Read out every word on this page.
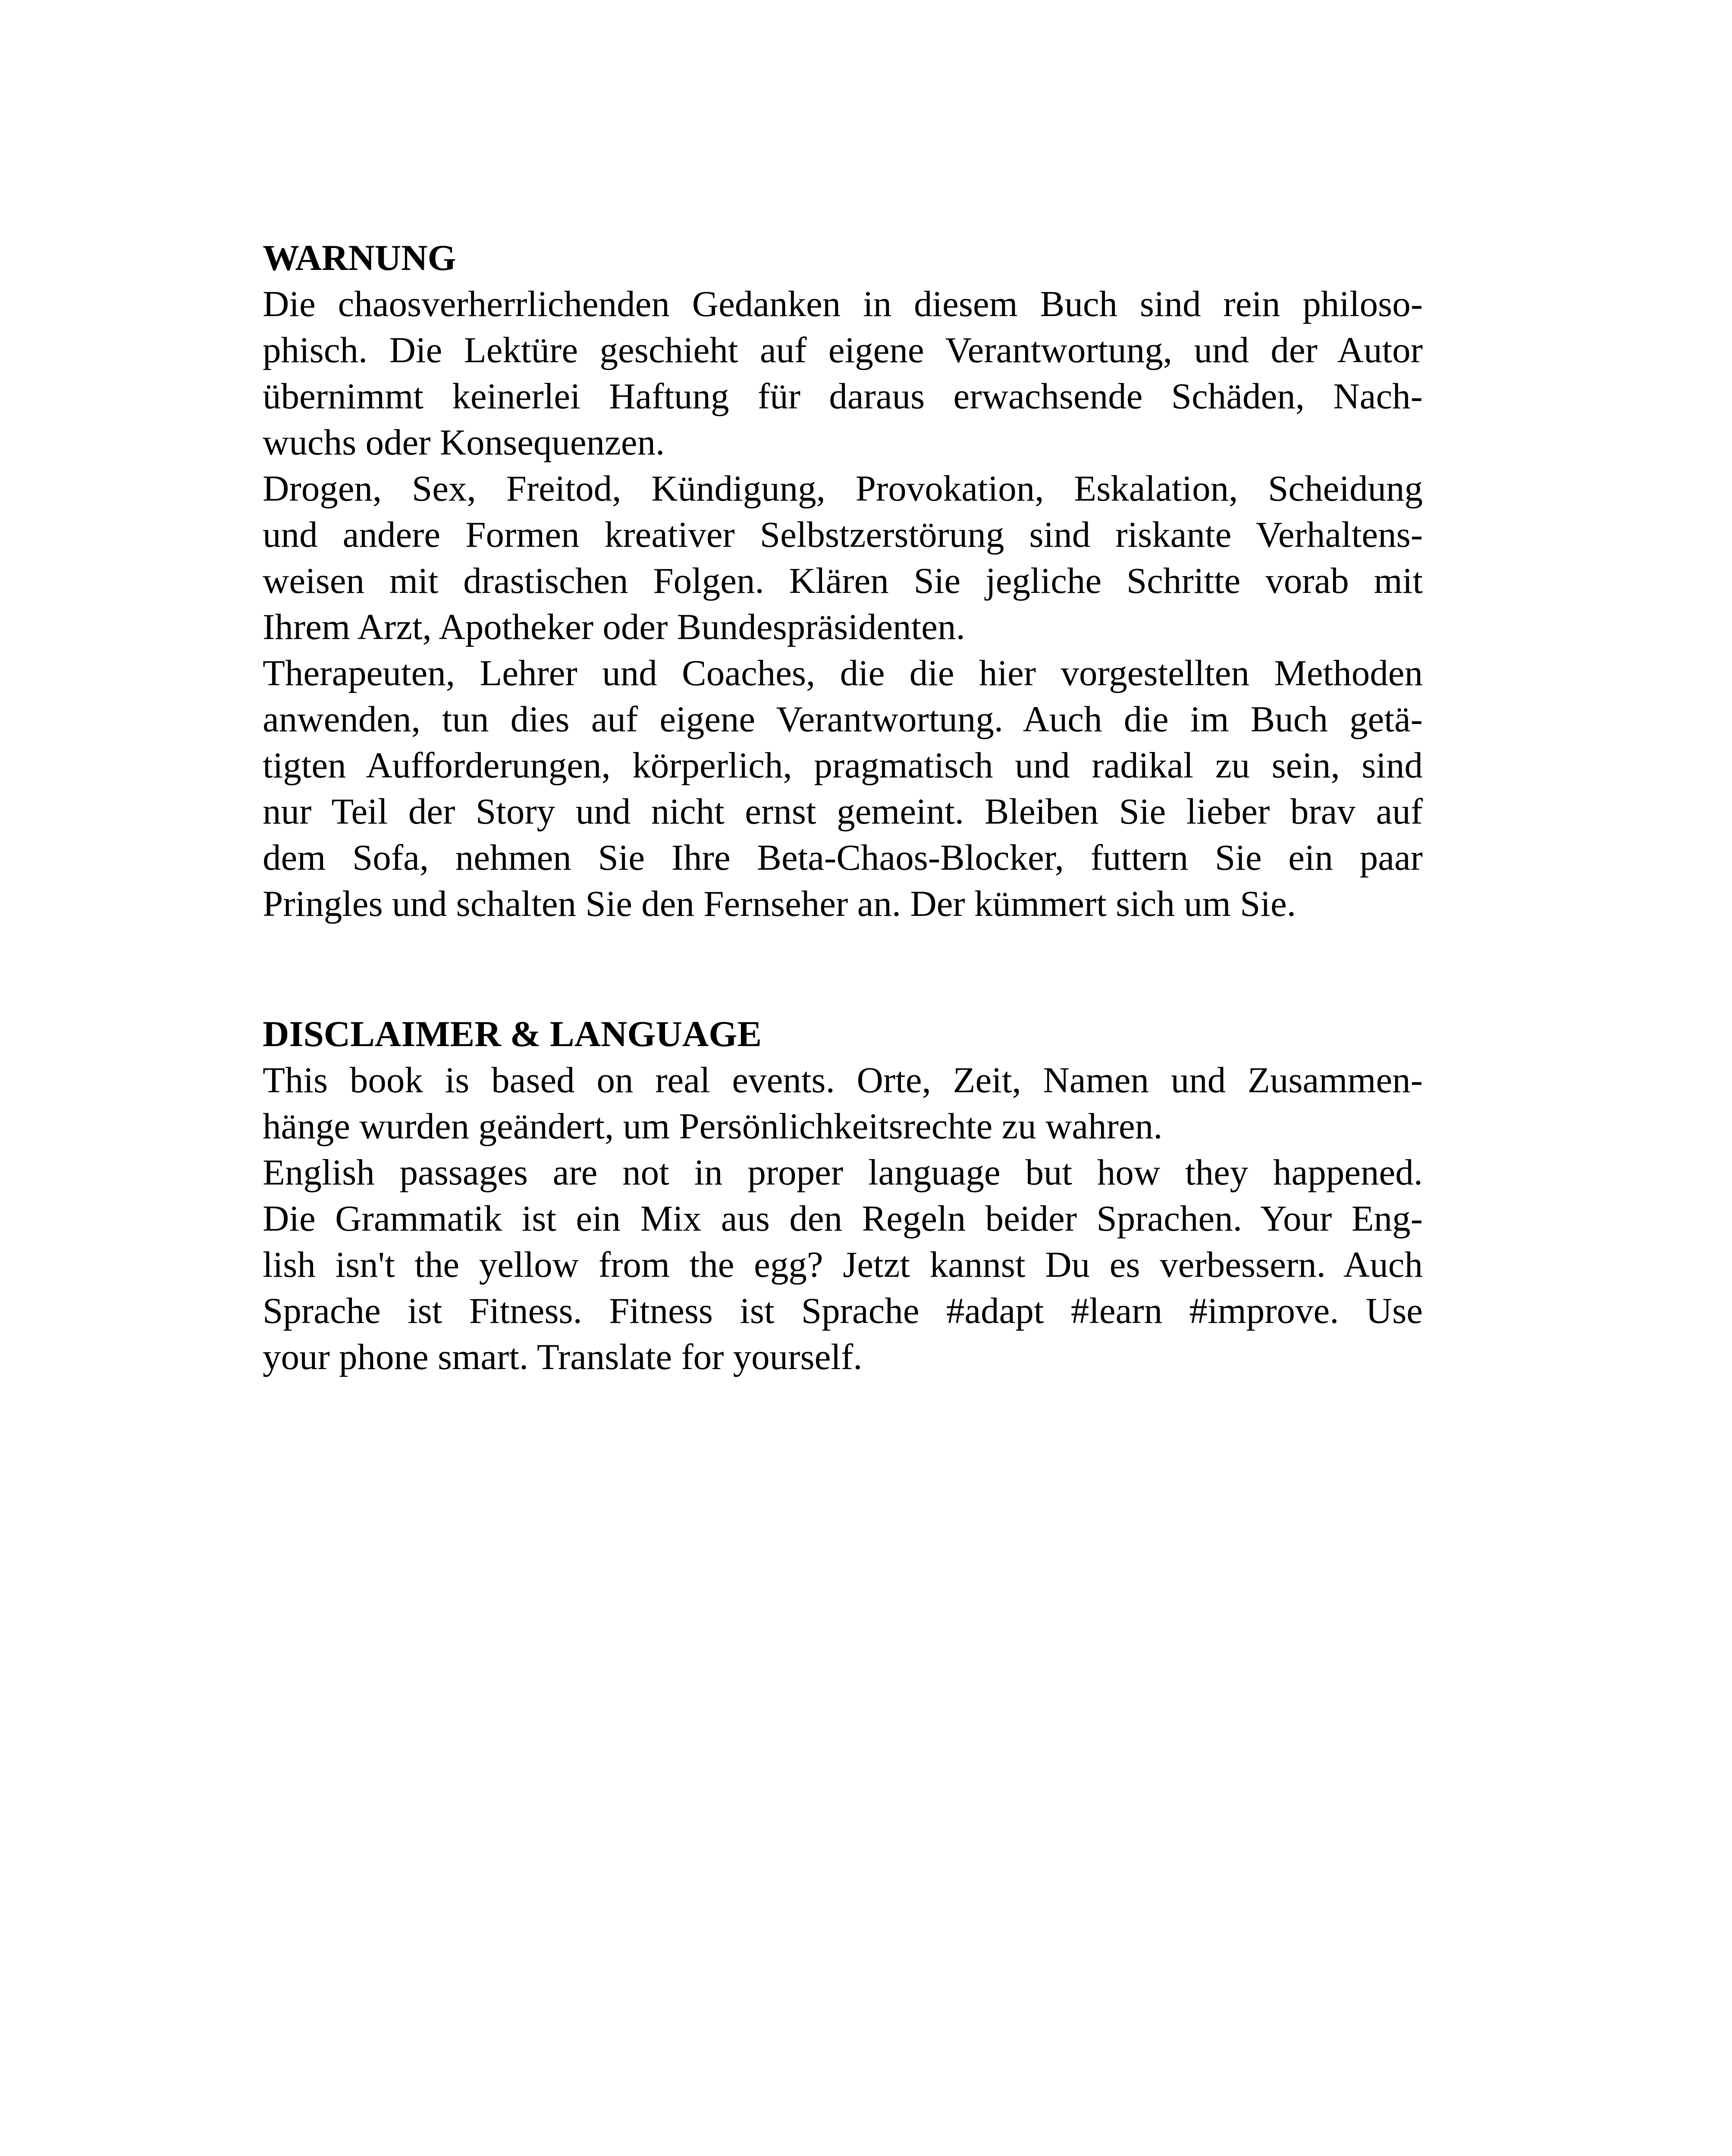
WARNUNG

Die chaosverherrlichenden Gedanken in diesem Buch sind rein philoso-
phisch. Die Lektüre geschieht auf eigene Verantwortung, und der Autor
übernimmt keinerlei Haftung für daraus erwachsende Schäden, Nach-
wuchs oder Konsequenzen.

Drogen, Sex, Freitod, Kündigung, Provokation, Eskalation, Scheidung
und andere Formen kreativer Selbstzerstörung sind riskante Verhaltens-
weisen mit drastischen Folgen. Klären Sie jegliche Schritte vorab mit
Ihrem Arzt, Apotheker oder Bundespräsidenten.

Therapeuten, Lehrer und Coaches, die die hier vorgestellten Methoden
anwenden, tun dies auf eigene Verantwortung. Auch die im Buch getä-
tigten Aufforderungen, körperlich, pragmatisch und radikal zu sein, sind
nur Teil der Story und nicht ernst gemeint. Bleiben Sie lieber brav auf
dem Sofa, nehmen Sie Ihre Beta-Chaos-Blocker, futtern Sie ein paar
Pringles und schalten Sie den Fernseher an. Der kümmert sich um Sie.

DISCLAIMER & LANGUAGE

This book is based on real events. Orte, Zeit, Namen und Zusammen-
hänge wurden geändert, um Persönlichkeitsrechte zu wahren.

English passages are not in proper language but how they happened.
Die Grammatik ist ein Mix aus den Regeln beider Sprachen. Your Eng-
lish isn't the yellow from the egg? Jetzt kannst Du es verbessern. Auch
Sprache ist Fitness. Fitness ist Sprache #adapt #learn #improve. Use
your phone smart. Translate for yourself.
